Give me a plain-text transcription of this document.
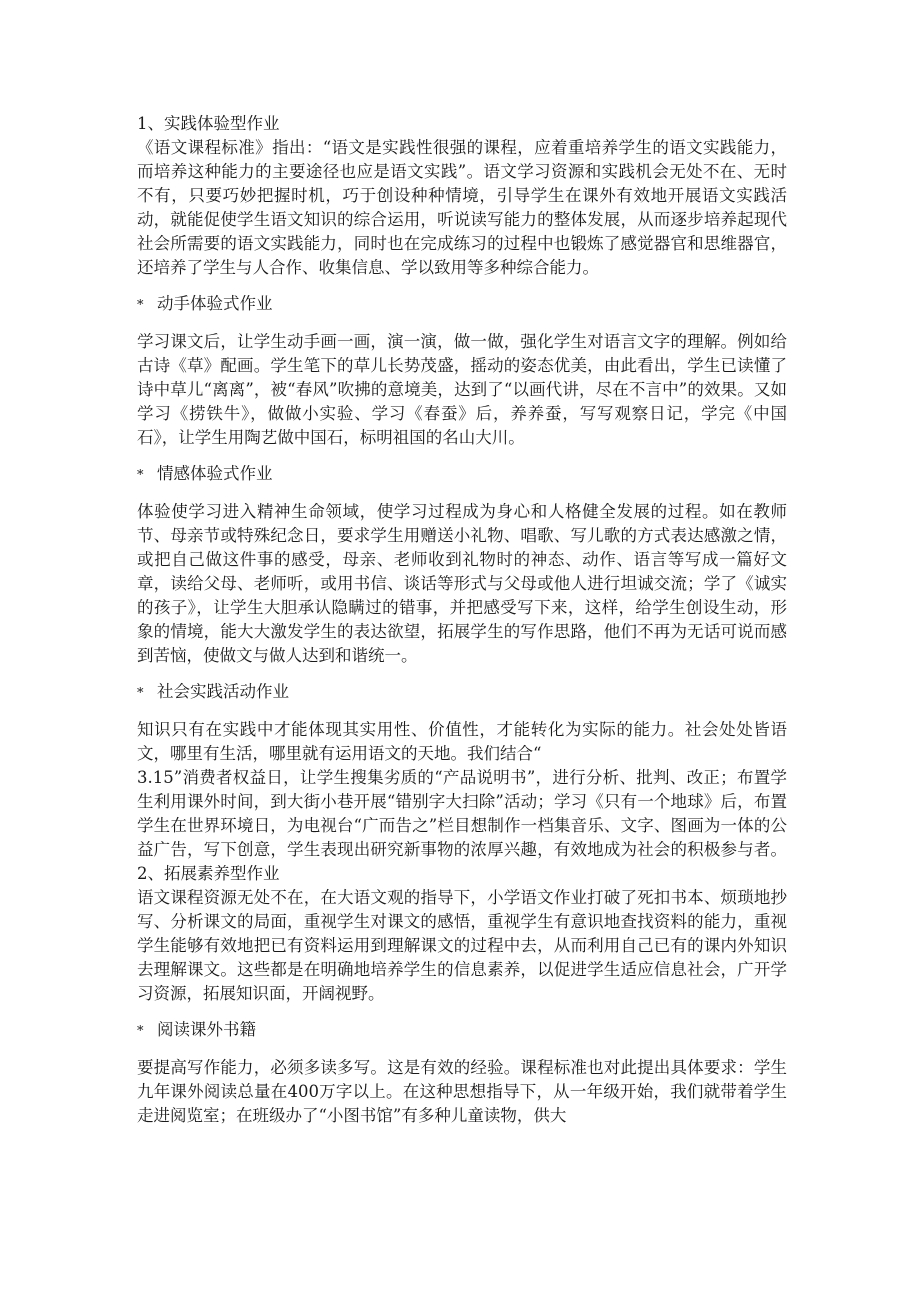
1、实践体验型作业

《语文课程标准》指出：“语文是实践性很强的课程，应着重培养学生的语文实践能力，而培养这种能力的主要途径也应是语文实践”。语文学习资源和实践机会无处不在、无时不有，只要巧妙把握时机，巧于创设种种情境，引导学生在课外有效地开展语文实践活动，就能促使学生语文知识的综合运用，听说读写能力的整体发展，从而逐步培养起现代社会所需要的语文实践能力，同时也在完成练习的过程中也锻炼了感觉器官和思维器官，还培养了学生与人合作、收集信息、学以致用等多种综合能力。

* 动手体验式作业

学习课文后，让学生动手画一画，演一演，做一做，强化学生对语言文字的理解。例如给古诗《草》配画。学生笔下的草儿长势茂盛，摇动的姿态优美，由此看出，学生已读懂了诗中草儿“离离”，被“春风”吹拂的意境美，达到了“以画代讲，尽在不言中”的效果。又如学习《捞铁牛》，做做小实验、学习《春蚕》后，养养蚕，写写观察日记，学完《中国石》，让学生用陶艺做中国石，标明祖国的名山大川。

* 情感体验式作业

体验使学习进入精神生命领域，使学习过程成为身心和人格健全发展的过程。如在教师节、母亲节或特殊纪念日，要求学生用赠送小礼物、唱歌、写儿歌的方式表达感激之情，或把自己做这件事的感受，母亲、老师收到礼物时的神态、动作、语言等写成一篇好文章，读给父母、老师听，或用书信、谈话等形式与父母或他人进行坦诚交流；学了《诚实的孩子》，让学生大胆承认隐瞒过的错事，并把感受写下来，这样，给学生创设生动，形象的情境，能大大激发学生的表达欲望，拓展学生的写作思路，他们不再为无话可说而感到苦恼，使做文与做人达到和谐统一。

* 社会实践活动作业

知识只有在实践中才能体现其实用性、价值性，才能转化为实际的能力。社会处处皆语文，哪里有生活，哪里就有运用语文的天地。我们结合“

3.15”消费者权益日，让学生搜集劣质的“产品说明书”，进行分析、批判、改正；布置学生利用课外时间，到大街小巷开展“错别字大扫除”活动；学习《只有一个地球》后，布置学生在世界环境日，为电视台“广而告之”栏目想制作一档集音乐、文字、图画为一体的公益广告，写下创意，学生表现出研究新事物的浓厚兴趣，有效地成为社会的积极参与者。2、拓展素养型作业

语文课程资源无处不在，在大语文观的指导下，小学语文作业打破了死扣书本、烦琐地抄写、分析课文的局面，重视学生对课文的感悟，重视学生有意识地查找资料的能力，重视学生能够有效地把已有资料运用到理解课文的过程中去，从而利用自己已有的课内外知识去理解课文。这些都是在明确地培养学生的信息素养，以促进学生适应信息社会，广开学习资源，拓展知识面，开阔视野。

* 阅读课外书籍

要提高写作能力，必须多读多写。这是有效的经验。课程标准也对此提出具体要求：学生九年课外阅读总量在400万字以上。在这种思想指导下，从一年级开始，我们就带着学生走进阅览室；在班级办了“小图书馆”有多种儿童读物，供大
